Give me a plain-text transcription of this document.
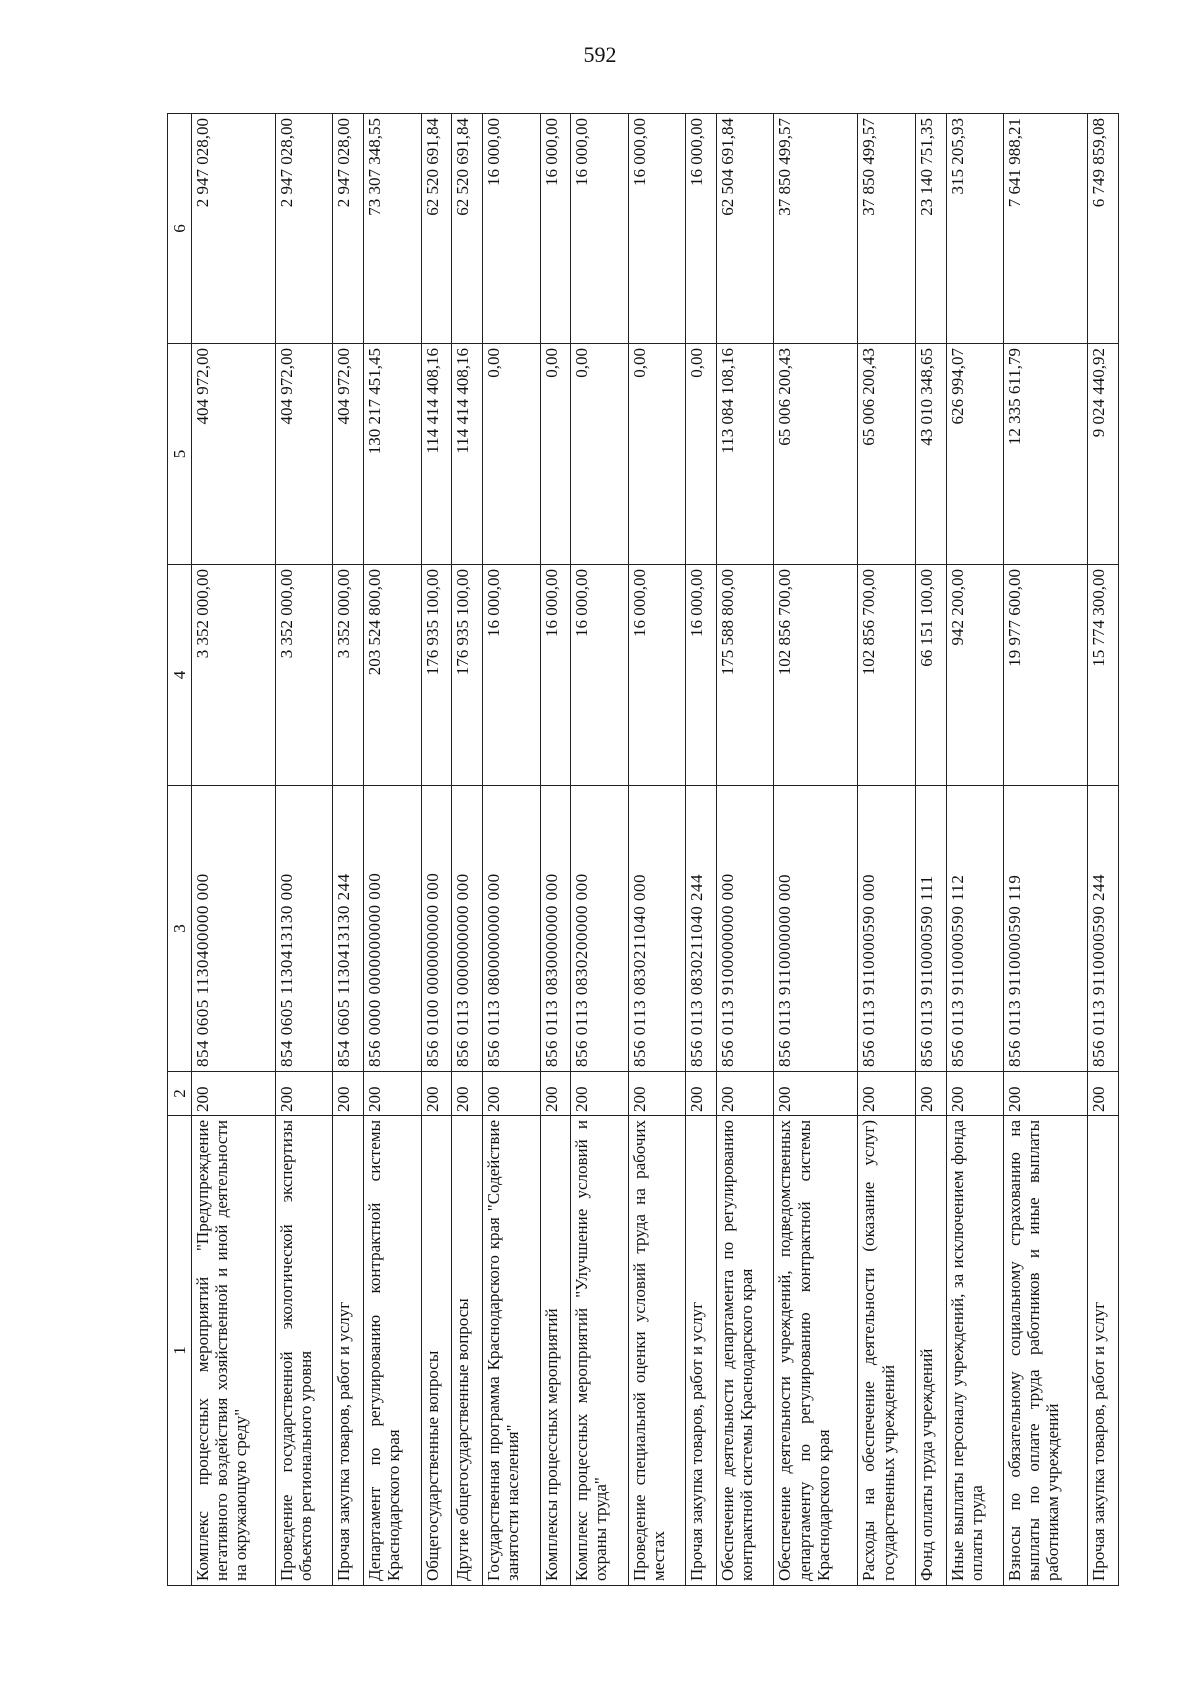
592
1	2	3	4	5	6
Комплекс процессных мероприятий "Предупреждение негативного воздействия хозяйственной и иной деятельности на окружающую среду"	200	854 0605 1130400000 000	3 352 000,00	404 972,00	2 947 028,00
Проведение государственной экологической экспертизы объектов регионального уровня	200	854 0605 1130413130 000	3 352 000,00	404 972,00	2 947 028,00
Прочая закупка товаров, работ и услуг	200	854 0605 1130413130 244	3 352 000,00	404 972,00	2 947 028,00
Департамент по регулированию контрактной системы Краснодарского края	200	856 0000 0000000000 000	203 524 800,00	130 217 451,45	73 307 348,55
Общегосударственные вопросы	200	856 0100 0000000000 000	176 935 100,00	114 414 408,16	62 520 691,84
Другие общегосударственные вопросы	200	856 0113 0000000000 000	176 935 100,00	114 414 408,16	62 520 691,84
Государственная программа Краснодарского края "Содействие занятости населения"	200	856 0113 0800000000 000	16 000,00	0,00	16 000,00
Комплексы процессных мероприятий	200	856 0113 0830000000 000	16 000,00	0,00	16 000,00
Комплекс процессных мероприятий "Улучшение условий и охраны труда"	200	856 0113 0830200000 000	16 000,00	0,00	16 000,00
Проведение специальной оценки условий труда на рабочих местах	200	856 0113 0830211040 000	16 000,00	0,00	16 000,00
Прочая закупка товаров, работ и услуг	200	856 0113 0830211040 244	16 000,00	0,00	16 000,00
Обеспечение деятельности департамента по регулированию контрактной системы Краснодарского края	200	856 0113 9100000000 000	175 588 800,00	113 084 108,16	62 504 691,84
Обеспечение деятельности учреждений, подведомственных департаменту по регулированию контрактной системы Краснодарского края	200	856 0113 9110000000 000	102 856 700,00	65 006 200,43	37 850 499,57
Расходы на обеспечение деятельности (оказание услуг) государственных учреждений	200	856 0113 9110000590 000	102 856 700,00	65 006 200,43	37 850 499,57
Фонд оплаты труда учреждений	200	856 0113 9110000590 111	66 151 100,00	43 010 348,65	23 140 751,35
Иные выплаты персоналу учреждений, за исключением фонда оплаты труда	200	856 0113 9110000590 112	942 200,00	626 994,07	315 205,93
Взносы по обязательному социальному страхованию на выплаты по оплате труда работников и иные выплаты работникам учреждений	200	856 0113 9110000590 119	19 977 600,00	12 335 611,79	7 641 988,21
Прочая закупка товаров, работ и услуг	200	856 0113 9110000590 244	15 774 300,00	9 024 440,92	6 749 859,08
